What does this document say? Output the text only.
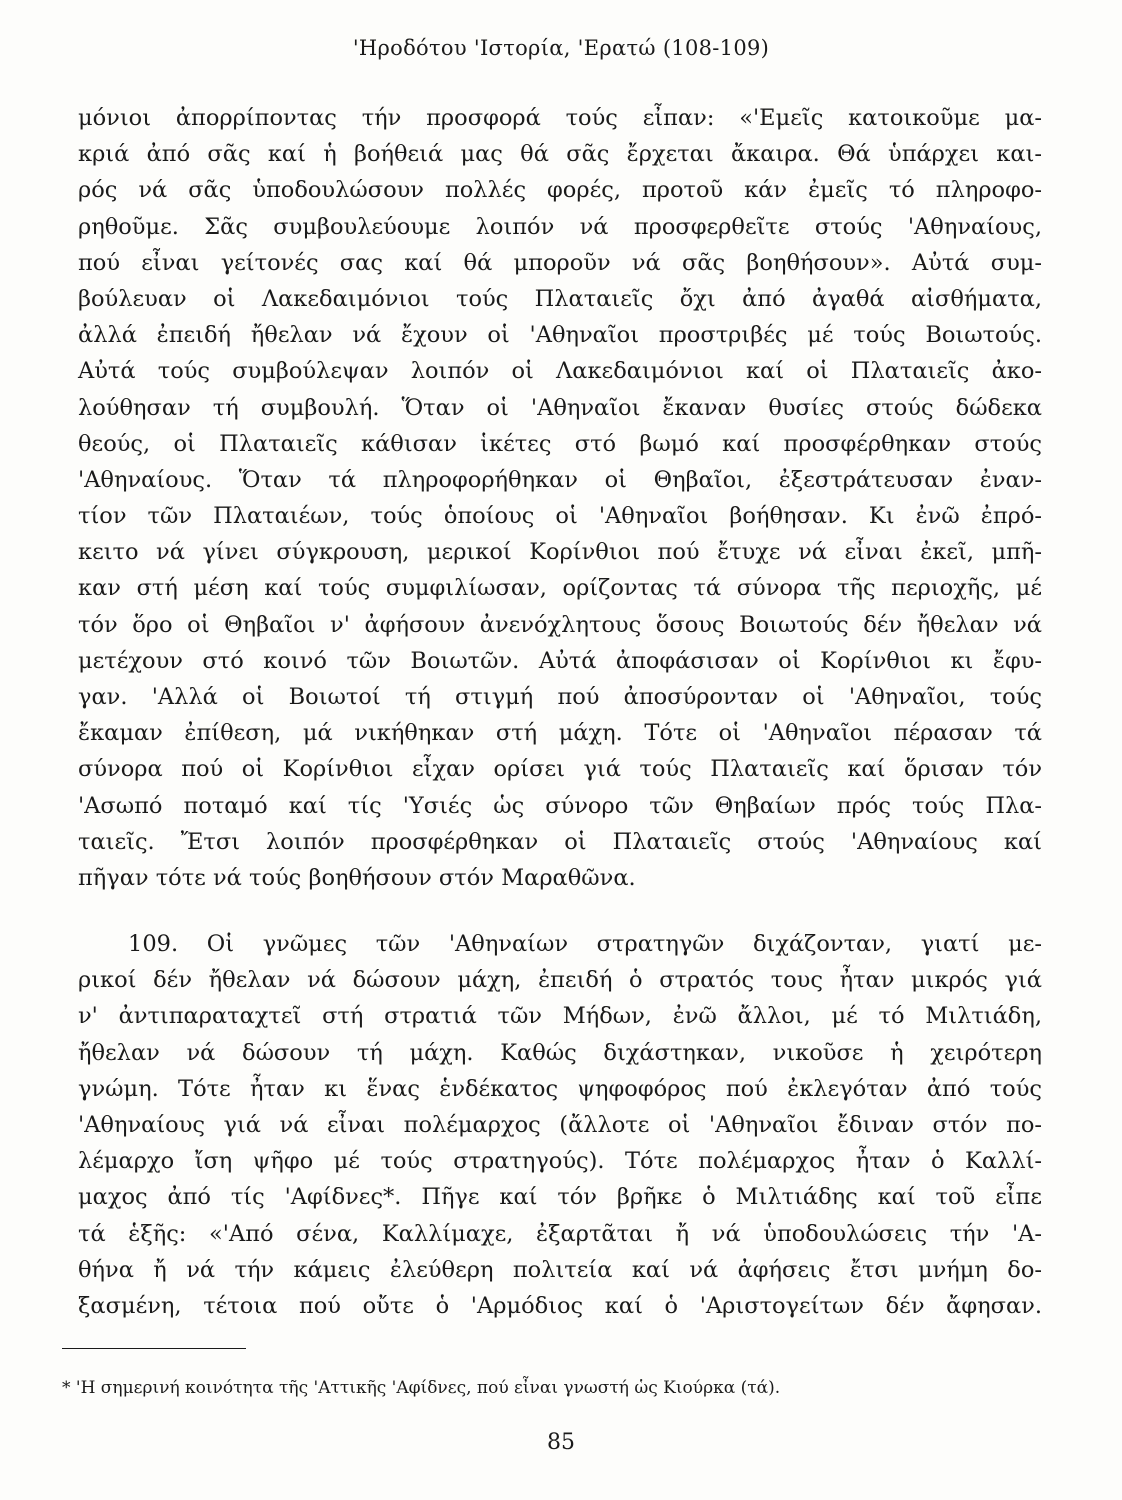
'Ηροδότου 'Ιστορία, 'Ερατώ (108-109)
μόνιοι ἀπορρίποντας τήν προσφορά τούς εἶπαν: «'Εμεῖς κατοικοῦμε μα-
κριά ἀπό σᾶς καί ἡ βοήθειά μας θά σᾶς ἔρχεται ἄκαιρα. Θά ὑπάρχει και-
ρός νά σᾶς ὑποδουλώσουν πολλές φορές, προτοῦ κάν ἐμεῖς τό πληροφο-
ρηθοῦμε. Σᾶς συμβουλεύουμε λοιπόν νά προσφερθεῖτε στούς 'Αθηναίους,
πού εἶναι γείτονές σας καί θά μποροῦν νά σᾶς βοηθήσουν». Αὐτά συμ-
βούλευαν οἱ Λακεδαιμόνιοι τούς Πλαταιεῖς ὄχι ἀπό ἀγαθά αἰσθήματα,
ἀλλά ἐπειδή ἤθελαν νά ἔχουν οἱ 'Αθηναῖοι προστριβές μέ τούς Βοιωτούς.
Αὐτά τούς συμβούλεψαν λοιπόν οἱ Λακεδαιμόνιοι καί οἱ Πλαταιεῖς ἀκο-
λούθησαν τή συμβουλή. Ὅταν οἱ 'Αθηναῖοι ἔκαναν θυσίες στούς δώδεκα
θεούς, οἱ Πλαταιεῖς κάθισαν ἱκέτες στό βωμό καί προσφέρθηκαν στούς
'Αθηναίους. Ὅταν τά πληροφορήθηκαν οἱ Θηβαῖοι, ἐξεστράτευσαν ἐναν-
τίον τῶν Πλαταιέων, τούς ὁποίους οἱ 'Αθηναῖοι βοήθησαν. Κι ἐνῶ ἐπρό-
κειτο νά γίνει σύγκρουση, μερικοί Κορίνθιοι πού ἔτυχε νά εἶναι ἐκεῖ, μπῆ-
καν στή μέση καί τούς συμφιλίωσαν, ορίζοντας τά σύνορα τῆς περιοχῆς, μέ
τόν ὅρο οἱ Θηβαῖοι ν' ἀφήσουν ἀνενόχλητους ὅσους Βοιωτούς δέν ἤθελαν νά
μετέχουν στό κοινό τῶν Βοιωτῶν. Αὐτά ἀποφάσισαν οἱ Κορίνθιοι κι ἔφυ-
γαν. 'Αλλά οἱ Βοιωτοί τή στιγμή πού ἀποσύρονταν οἱ 'Αθηναῖοι, τούς
ἔκαμαν ἐπίθεση, μά νικήθηκαν στή μάχη. Τότε οἱ 'Αθηναῖοι πέρασαν τά
σύνορα πού οἱ Κορίνθιοι εἶχαν ορίσει γιά τούς Πλαταιεῖς καί ὅρισαν τόν
'Ασωπό ποταμό καί τίς 'Υσιές ὡς σύνορο τῶν Θηβαίων πρός τούς Πλα-
ταιεῖς. Ἔτσι λοιπόν προσφέρθηκαν οἱ Πλαταιεῖς στούς 'Αθηναίους καί
πῆγαν τότε νά τούς βοηθήσουν στόν Μαραθῶνα.
109. Οἱ γνῶμες τῶν 'Αθηναίων στρατηγῶν διχάζονταν, γιατί με-
ρικοί δέν ἤθελαν νά δώσουν μάχη, ἐπειδή ὁ στρατός τους ἦταν μικρός γιά
ν' ἀντιπαραταχτεῖ στή στρατιά τῶν Μήδων, ἐνῶ ἄλλοι, μέ τό Μιλτιάδη,
ἤθελαν νά δώσουν τή μάχη. Καθώς διχάστηκαν, νικοῦσε ἡ χειρότερη
γνώμη. Τότε ἦταν κι ἕνας ἑνδέκατος ψηφοφόρος πού ἐκλεγόταν ἀπό τούς
'Αθηναίους γιά νά εἶναι πολέμαρχος (ἄλλοτε οἱ 'Αθηναῖοι ἔδιναν στόν πο-
λέμαρχο ἴση ψῆφο μέ τούς στρατηγούς). Τότε πολέμαρχος ἦταν ὁ Καλλί-
μαχος ἀπό τίς 'Αφίδνες*. Πῆγε καί τόν βρῆκε ὁ Μιλτιάδης καί τοῦ εἶπε
τά ἑξῆς: «'Από σένα, Καλλίμαχε, ἐξαρτᾶται ἤ νά ὑποδουλώσεις τήν 'Α-
θήνα ἤ νά τήν κάμεις ἐλεύθερη πολιτεία καί νά ἀφήσεις ἔτσι μνήμη δο-
ξασμένη, τέτοια πού οὔτε ὁ 'Αρμόδιος καί ὁ 'Αριστογείτων δέν ἄφησαν.
* 'Η σημερινή κοινότητα τῆς 'Αττικῆς 'Αφίδνες, πού εἶναι γνωστή ὡς Κιούρκα (τά).
85
